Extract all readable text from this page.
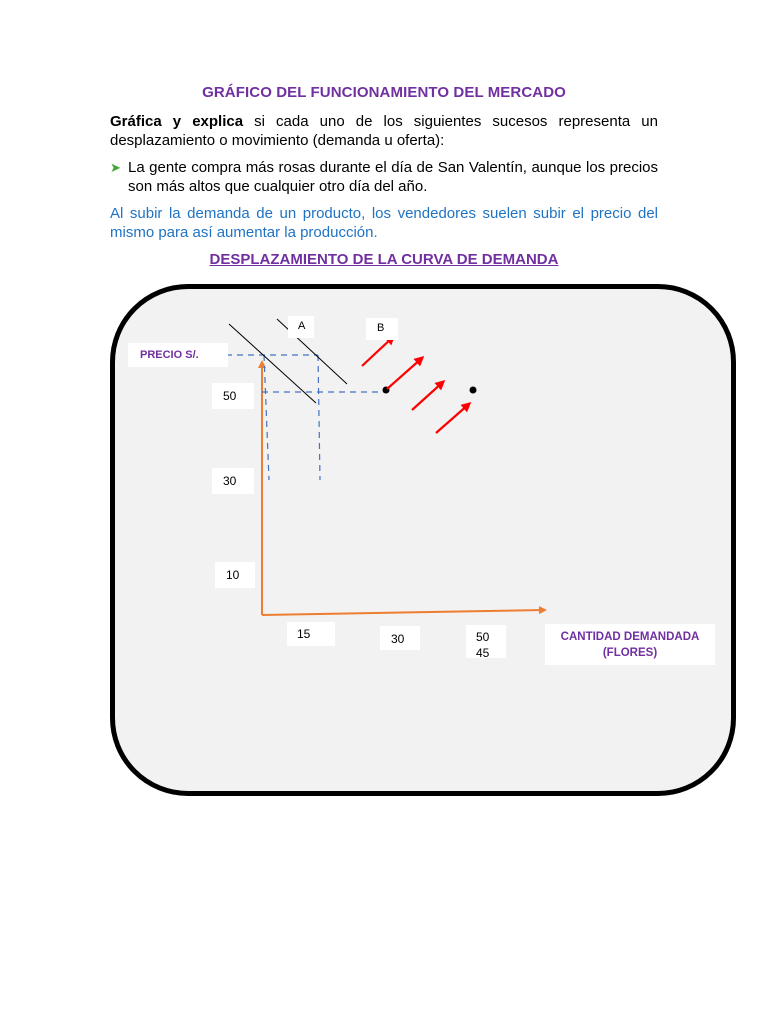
GRÁFICO DEL FUNCIONAMIENTO DEL MERCADO
Gráfica y explica si cada uno de los siguientes sucesos representa un desplazamiento o movimiento (demanda u oferta):
➤ La gente compra más rosas durante el día de San Valentín, aunque los precios son más altos que cualquier otro día del año.
Al subir la demanda de un producto, los vendedores suelen subir el precio del mismo para así aumentar la producción.
DESPLAZAMIENTO DE LA CURVA DE DEMANDA
A	B
PRECIO S/.
50
30
10
15	30	50
45
CANTIDAD DEMANDADA
(FLORES)
